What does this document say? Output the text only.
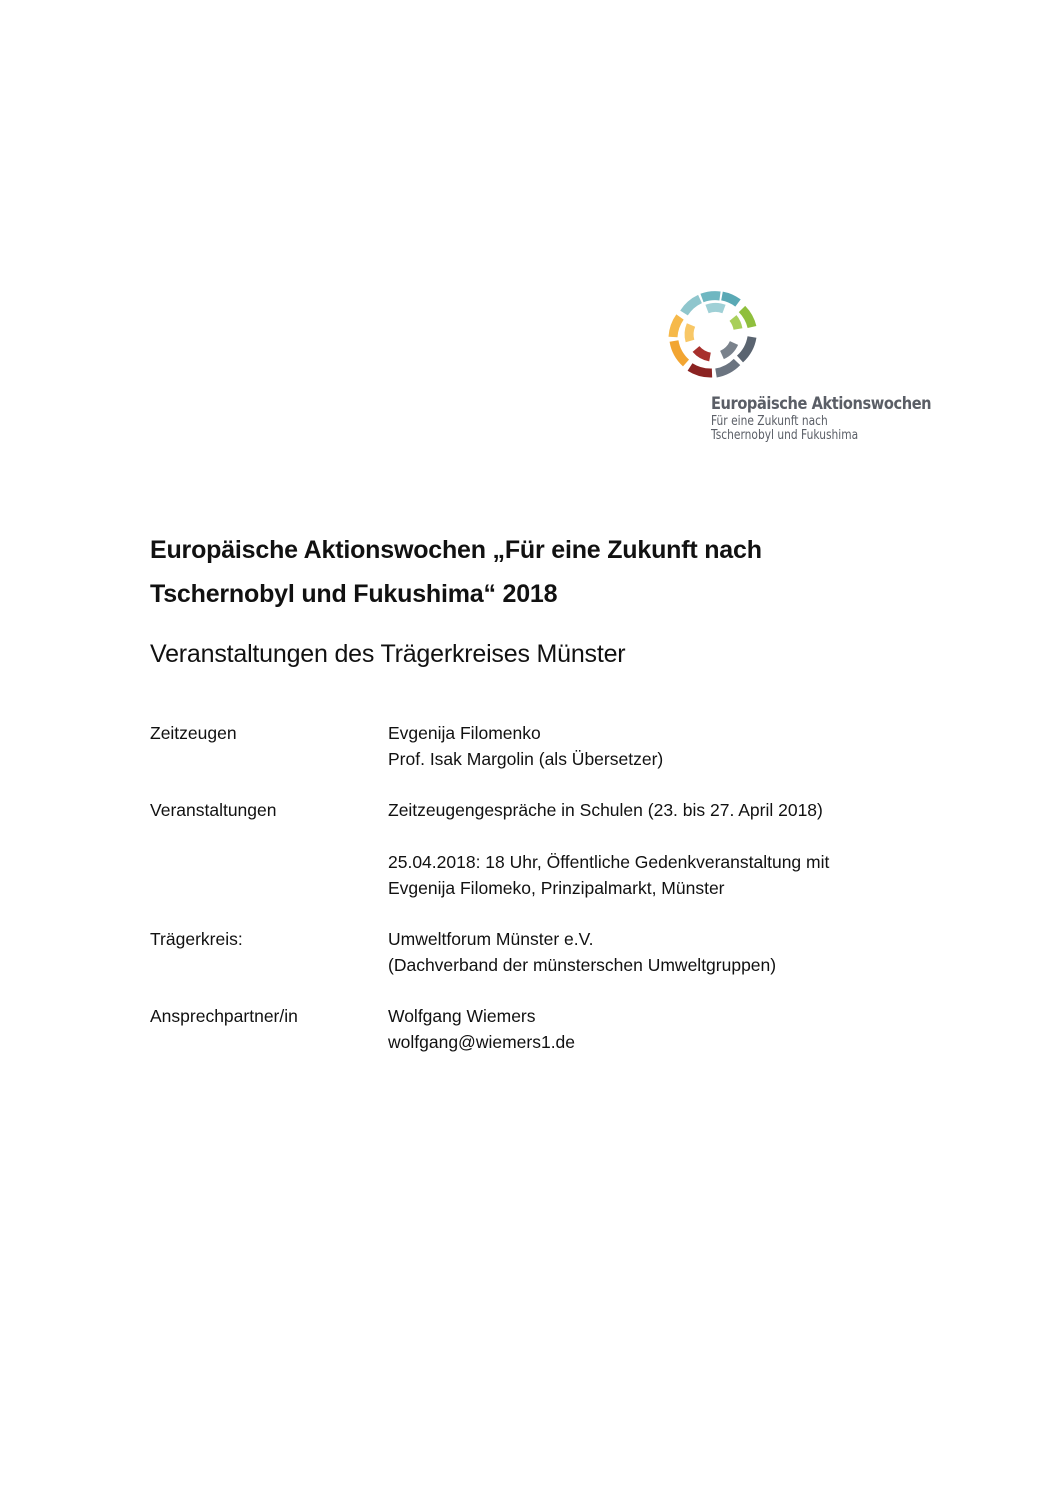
Europäische Aktionswochen
Für eine Zukunft nach
Tschernobyl und Fukushima
Europäische Aktionswochen „Für eine Zukunft nach
Tschernobyl und Fukushima“ 2018
Veranstaltungen des Trägerkreises Münster
Zeitzeugen	Evgenija Filomenko
Prof. Isak Margolin (als Übersetzer)
Veranstaltungen	Zeitzeugengespräche in Schulen (23. bis 27. April 2018)
25.04.2018: 18 Uhr, Öffentliche Gedenkveranstaltung mit
Evgenija Filomeko, Prinzipalmarkt, Münster
Trägerkreis:	Umweltforum Münster e.V.
(Dachverband der münsterschen Umweltgruppen)
Ansprechpartner/in	Wolfgang Wiemers
wolfgang@wiemers1.de
